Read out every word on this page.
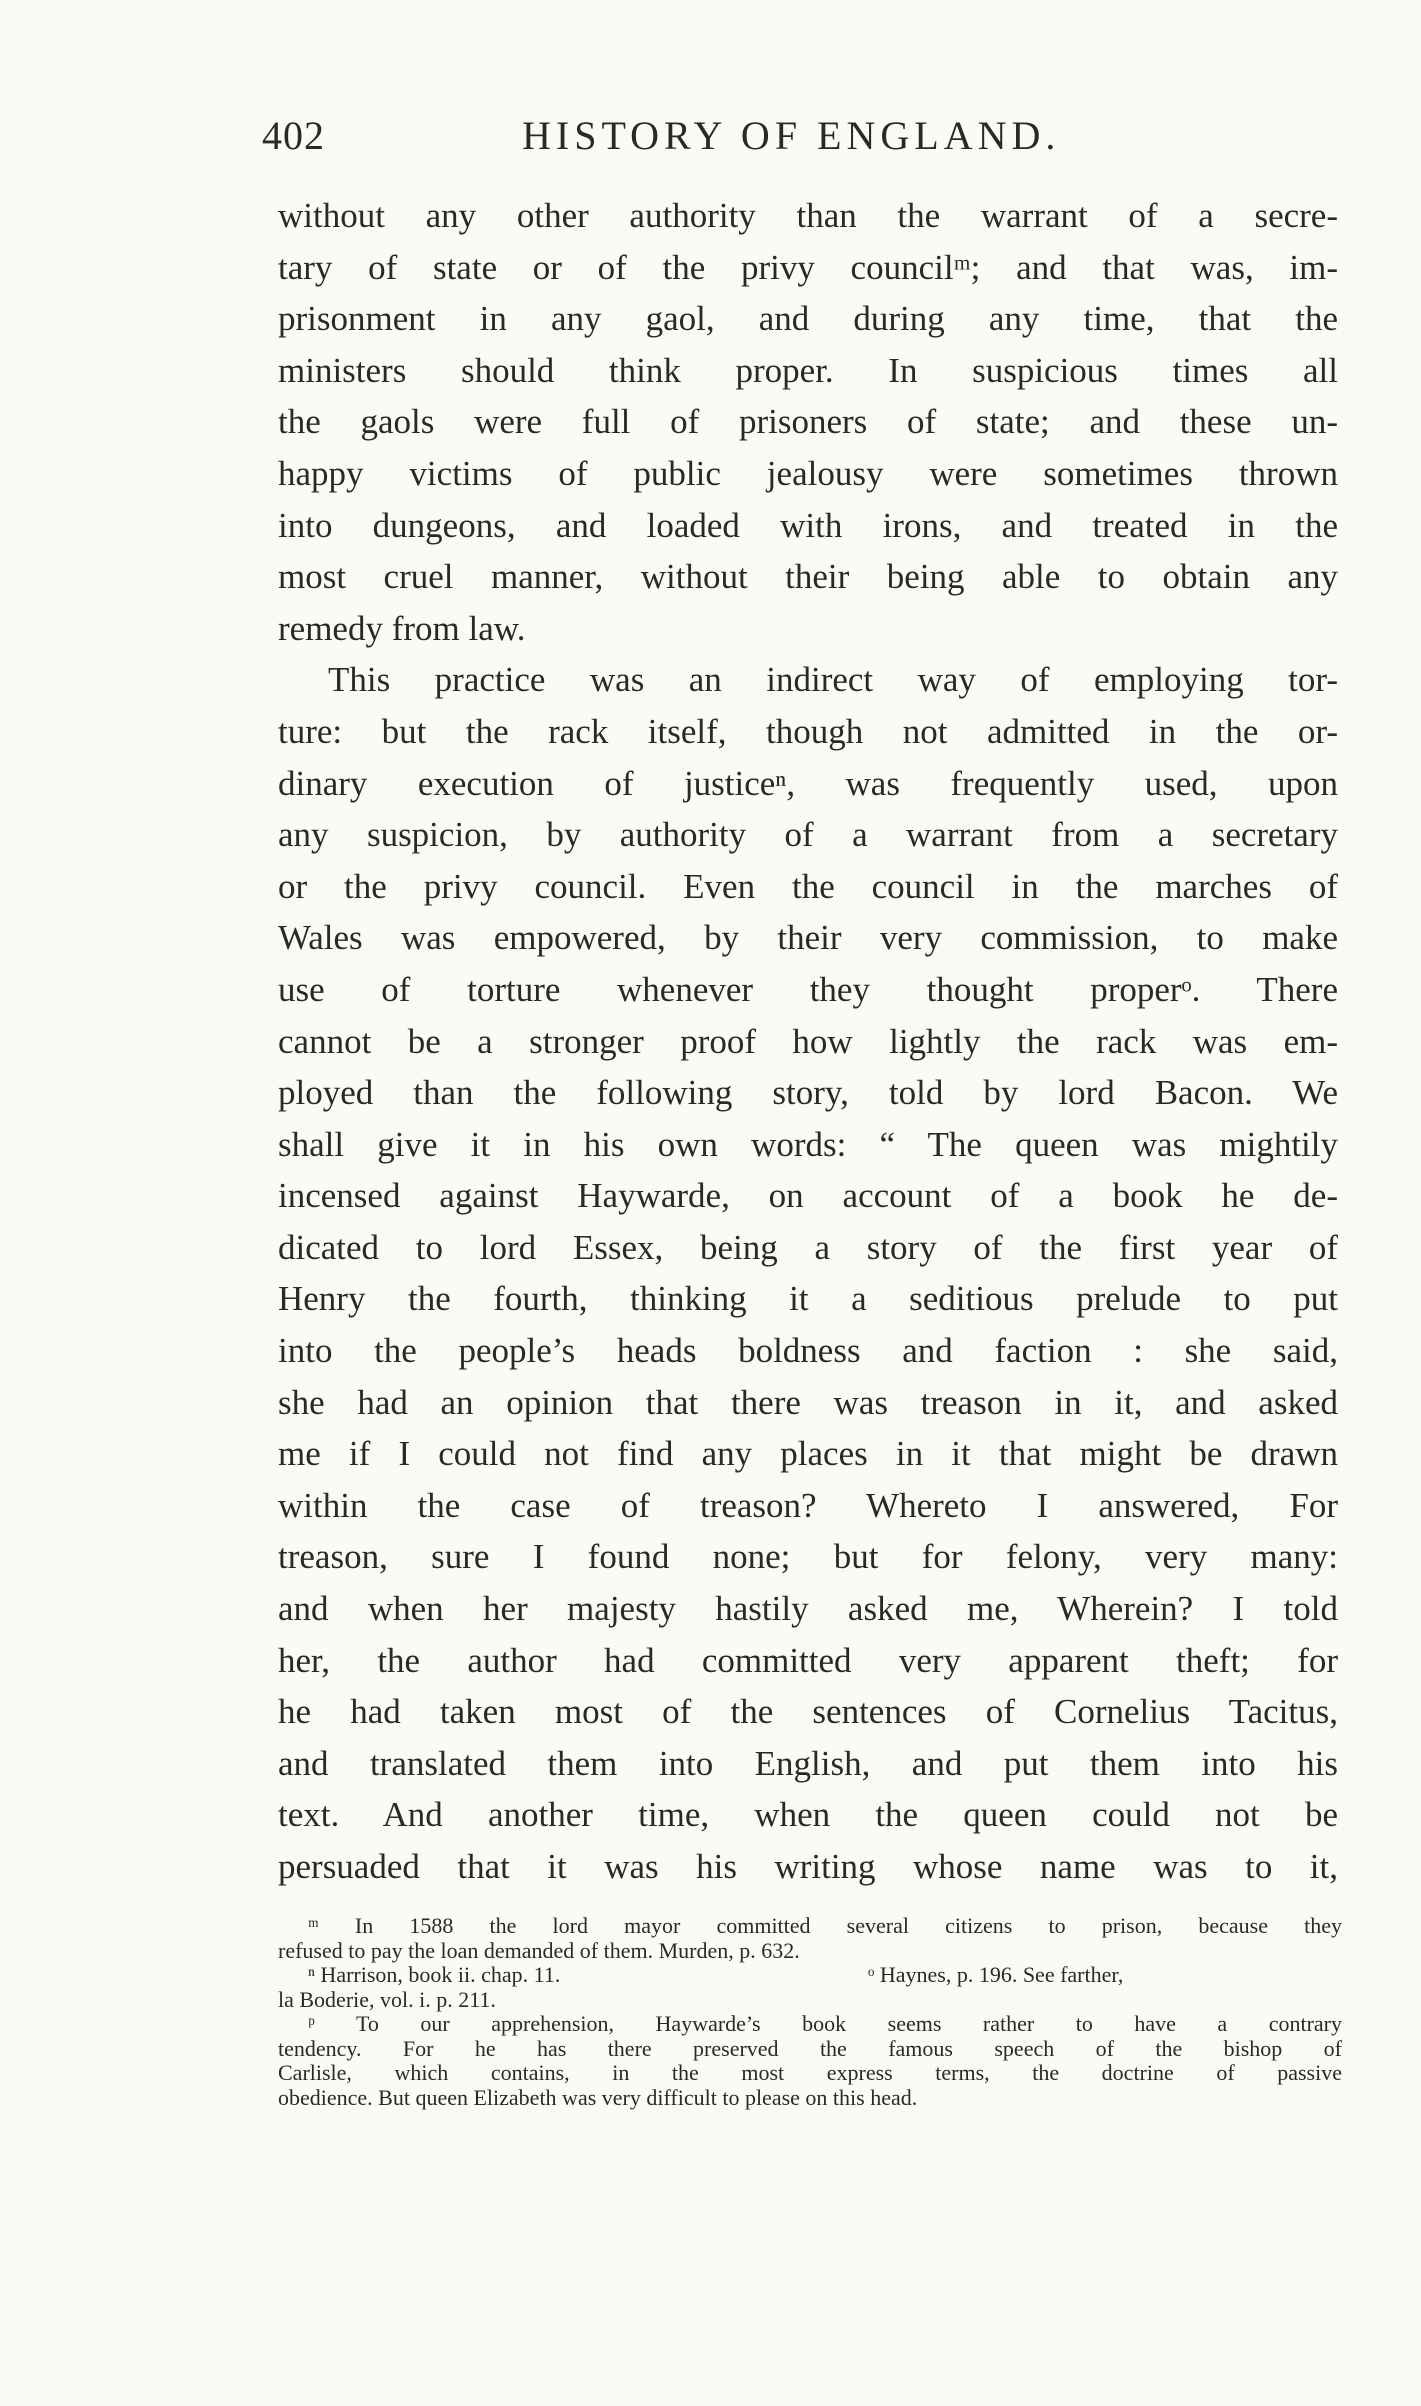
402	HISTORY OF ENGLAND.
without any other authority than the warrant of a secre-
tary of state or of the privy councilᵐ; and that was, im-
prisonment in any gaol, and during any time, that the
ministers should think proper. In suspicious times all
the gaols were full of prisoners of state; and these un-
happy victims of public jealousy were sometimes thrown
into dungeons, and loaded with irons, and treated in the
most cruel manner, without their being able to obtain any
remedy from law.
This practice was an indirect way of employing tor-
ture: but the rack itself, though not admitted in the or-
dinary execution of justiceⁿ, was frequently used, upon
any suspicion, by authority of a warrant from a secretary
or the privy council. Even the council in the marches of
Wales was empowered, by their very commission, to make
use of torture whenever they thought properᵒ. There
cannot be a stronger proof how lightly the rack was em-
ployed than the following story, told by lord Bacon. We
shall give it in his own words: “ The queen was mightily
incensed against Haywarde, on account of a book he de-
dicated to lord Essex, being a story of the first year of
Henry the fourth, thinking it a seditious prelude to put
into the people’s heads boldness and faction : she said,
she had an opinion that there was treason in it, and asked
me if I could not find any places in it that might be drawn
within the case of treason? Whereto I answered, For
treason, sure I found none; but for felony, very many:
and when her majesty hastily asked me, Wherein? I told
her, the author had committed very apparent theft; for
he had taken most of the sentences of Cornelius Tacitus,
and translated them into English, and put them into his
text. And another time, when the queen could not be
persuaded that it was his writing whose name was to it,
ᵐ In 1588 the lord mayor committed several citizens to prison, because they
refused to pay the loan demanded of them. Murden, p. 632.
ⁿ Harrison, book ii. chap. 11.	ᵒ Haynes, p. 196. See farther,
la Boderie, vol. i. p. 211.
ᵖ To our apprehension, Haywarde’s book seems rather to have a contrary
tendency. For he has there preserved the famous speech of the bishop of
Carlisle, which contains, in the most express terms, the doctrine of passive
obedience. But queen Elizabeth was very difficult to please on this head.
